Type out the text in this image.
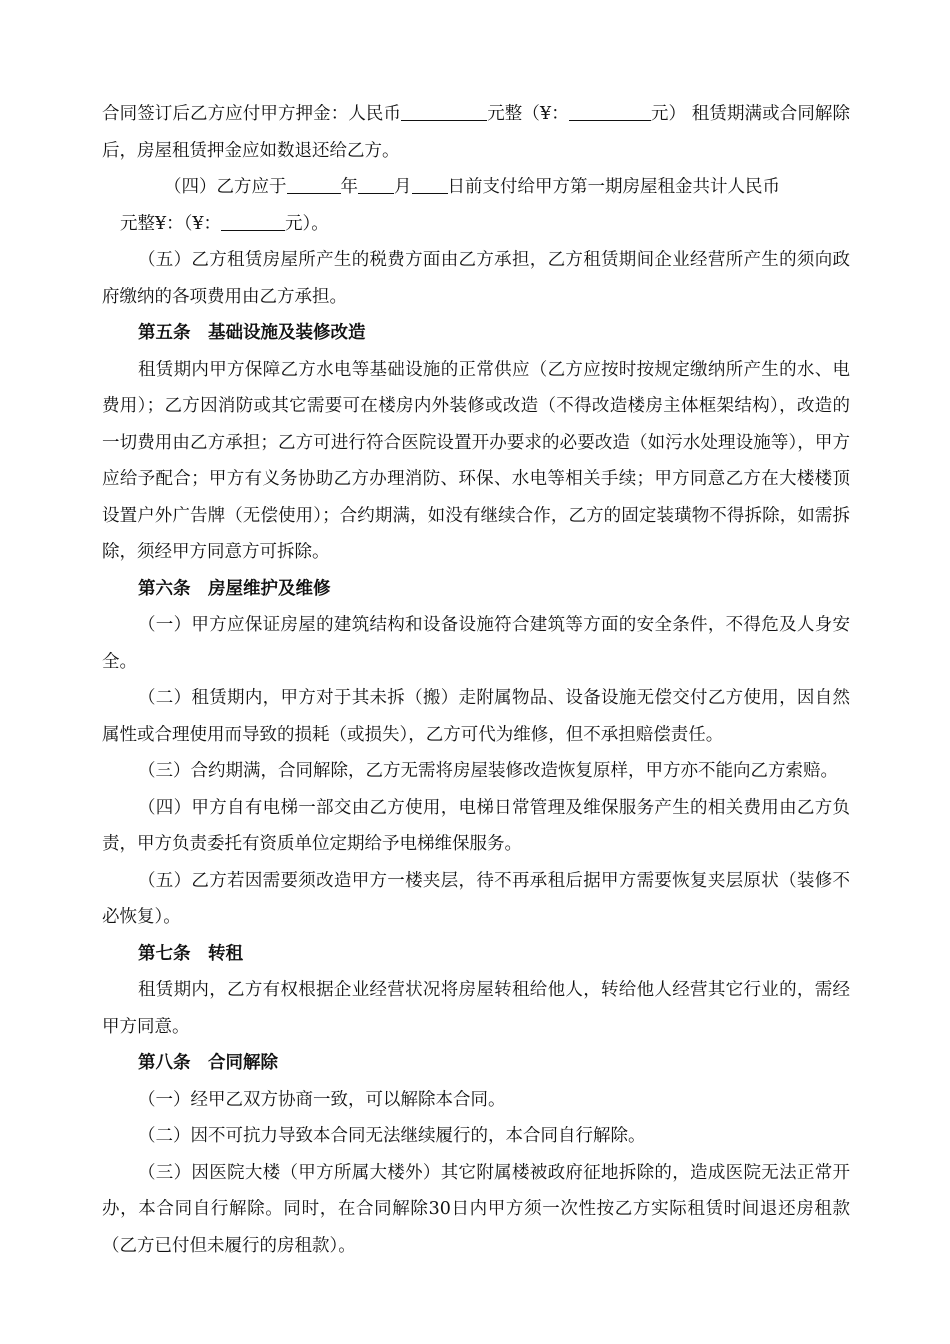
合同签订后乙方应付甲方押金：人民币	元整（¥：	元） 租赁期满或合同解除后，房屋租赁押金应如数退还给乙方。

（四）乙方应于	年 月 日前支付给甲方第一期房屋租金共计人民币
元整¥：（¥：	元）。

（五）乙方租赁房屋所产生的税费方面由乙方承担，乙方租赁期间企业经营所产生的须向政府缴纳的各项费用由乙方承担。

第五条　基础设施及装修改造

租赁期内甲方保障乙方水电等基础设施的正常供应（乙方应按时按规定缴纳所产生的水、电费用）；乙方因消防或其它需要可在楼房内外装修或改造（不得改造楼房主体框架结构），改造的一切费用由乙方承担；乙方可进行符合医院设置开办要求的必要改造（如污水处理设施等），甲方应给予配合；甲方有义务协助乙方办理消防、环保、水电等相关手续；甲方同意乙方在大楼楼顶设置户外广告牌（无偿使用）；合约期满，如没有继续合作，乙方的固定装璜物不得拆除，如需拆除，须经甲方同意方可拆除。

第六条　房屋维护及维修

（一）甲方应保证房屋的建筑结构和设备设施符合建筑等方面的安全条件，不得危及人身安全。

（二）租赁期内，甲方对于其未拆（搬）走附属物品、设备设施无偿交付乙方使用，因自然属性或合理使用而导致的损耗（或损失），乙方可代为维修，但不承担赔偿责任。

（三）合约期满，合同解除，乙方无需将房屋装修改造恢复原样，甲方亦不能向乙方索赔。

（四）甲方自有电梯一部交由乙方使用，电梯日常管理及维保服务产生的相关费用由乙方负责，甲方负责委托有资质单位定期给予电梯维保服务。

（五）乙方若因需要须改造甲方一楼夹层，待不再承租后据甲方需要恢复夹层原状（装修不必恢复）。

第七条　转租

租赁期内，乙方有权根据企业经营状况将房屋转租给他人，转给他人经营其它行业的，需经甲方同意。

第八条　合同解除

（一）经甲乙双方协商一致，可以解除本合同。

（二）因不可抗力导致本合同无法继续履行的，本合同自行解除。

（三）因医院大楼（甲方所属大楼外）其它附属楼被政府征地拆除的，造成医院无法正常开办，本合同自行解除。同时，在合同解除30日内甲方须一次性按乙方实际租赁时间退还房租款（乙方已付但未履行的房租款）。
